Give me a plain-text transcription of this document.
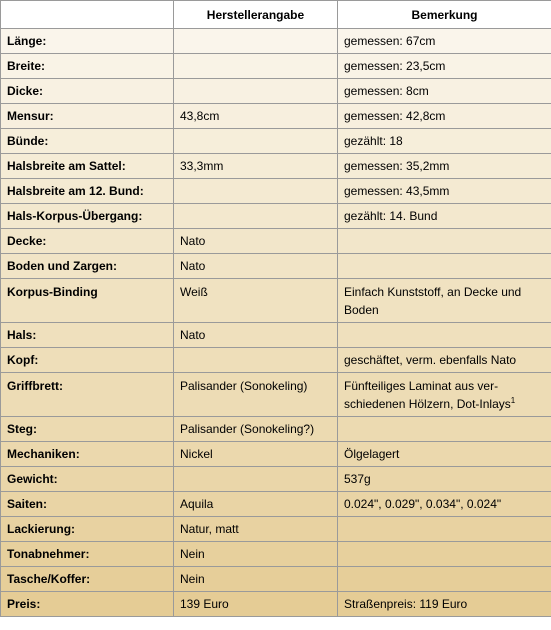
	Herstellerangabe	Bemerkung
Länge:		gemessen: 67cm
Breite:		gemessen: 23,5cm
Dicke:		gemessen: 8cm
Mensur:	43,8cm	gemessen: 42,8cm
Bünde:		gezählt: 18
Halsbreite am Sattel:	33,3mm	gemessen: 35,2mm
Halsbreite am 12. Bund:		gemessen: 43,5mm
Hals-Korpus-Übergang:		gezählt: 14. Bund
Decke:	Nato	
Boden und Zargen:	Nato	
Korpus-Binding	Weiß	Einfach Kunststoff, an Decke und Boden
Hals:	Nato	
Kopf:		geschäftet, verm. ebenfalls Nato
Griffbrett:	Palisander (Sonokeling)	Fünfteiliges Laminat aus ver-schiedenen Hölzern, Dot-Inlays$^1$
Steg:	Palisander (Sonokeling?)	
Mechaniken:	Nickel	Ölgelagert
Gewicht:		537g
Saiten:	Aquila	0.024", 0.029", 0.034", 0.024"
Lackierung:	Natur, matt	
Tonabnehmer:	Nein	
Tasche/Koffer:	Nein	
Preis:	139 Euro	Straßenpreis: 119 Euro
